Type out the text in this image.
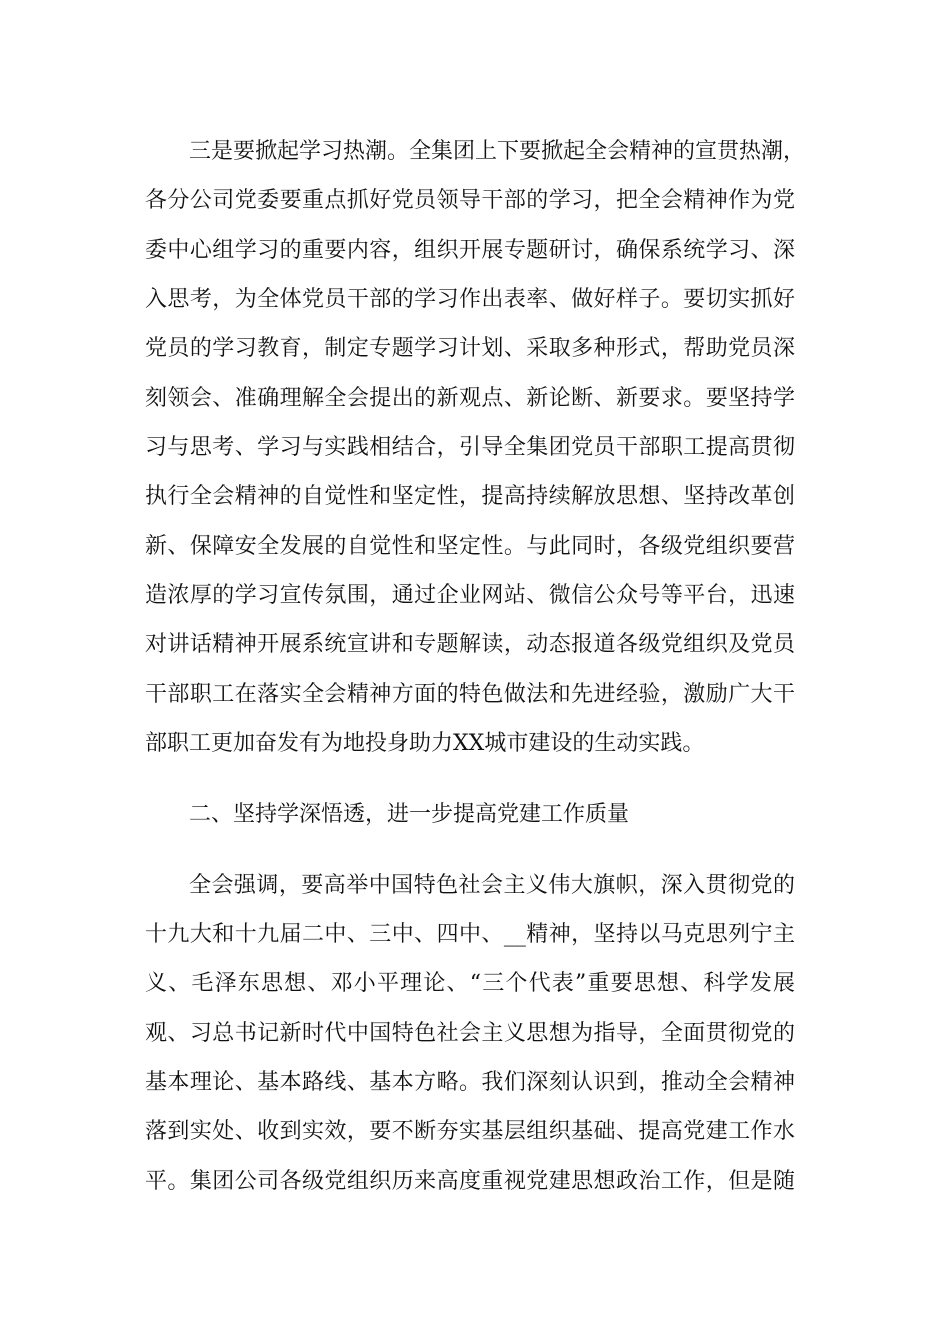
三是要掀起学习热潮。全集团上下要掀起全会精神的宣贯热潮，
各分公司党委要重点抓好党员领导干部的学习，把全会精神作为党
委中心组学习的重要内容，组织开展专题研讨，确保系统学习、深
入思考，为全体党员干部的学习作出表率、做好样子。要切实抓好
党员的学习教育，制定专题学习计划、采取多种形式，帮助党员深
刻领会、准确理解全会提出的新观点、新论断、新要求。要坚持学
习与思考、学习与实践相结合，引导全集团党员干部职工提高贯彻
执行全会精神的自觉性和坚定性，提高持续解放思想、坚持改革创
新、保障安全发展的自觉性和坚定性。与此同时，各级党组织要营
造浓厚的学习宣传氛围，通过企业网站、微信公众号等平台，迅速
对讲话精神开展系统宣讲和专题解读，动态报道各级党组织及党员
干部职工在落实全会精神方面的特色做法和先进经验，激励广大干
部职工更加奋发有为地投身助力XX城市建设的生动实践。
二、坚持学深悟透，进一步提高党建工作质量
全会强调，要高举中国特色社会主义伟大旗帜，深入贯彻党的
十九大和十九届二中、三中、四中、__精神，坚持以马克思列宁主
义、毛泽东思想、邓小平理论、“三个代表”重要思想、科学发展
观、习总书记新时代中国特色社会主义思想为指导，全面贯彻党的
基本理论、基本路线、基本方略。我们深刻认识到，推动全会精神
落到实处、收到实效，要不断夯实基层组织基础、提高党建工作水
平。集团公司各级党组织历来高度重视党建思想政治工作，但是随
